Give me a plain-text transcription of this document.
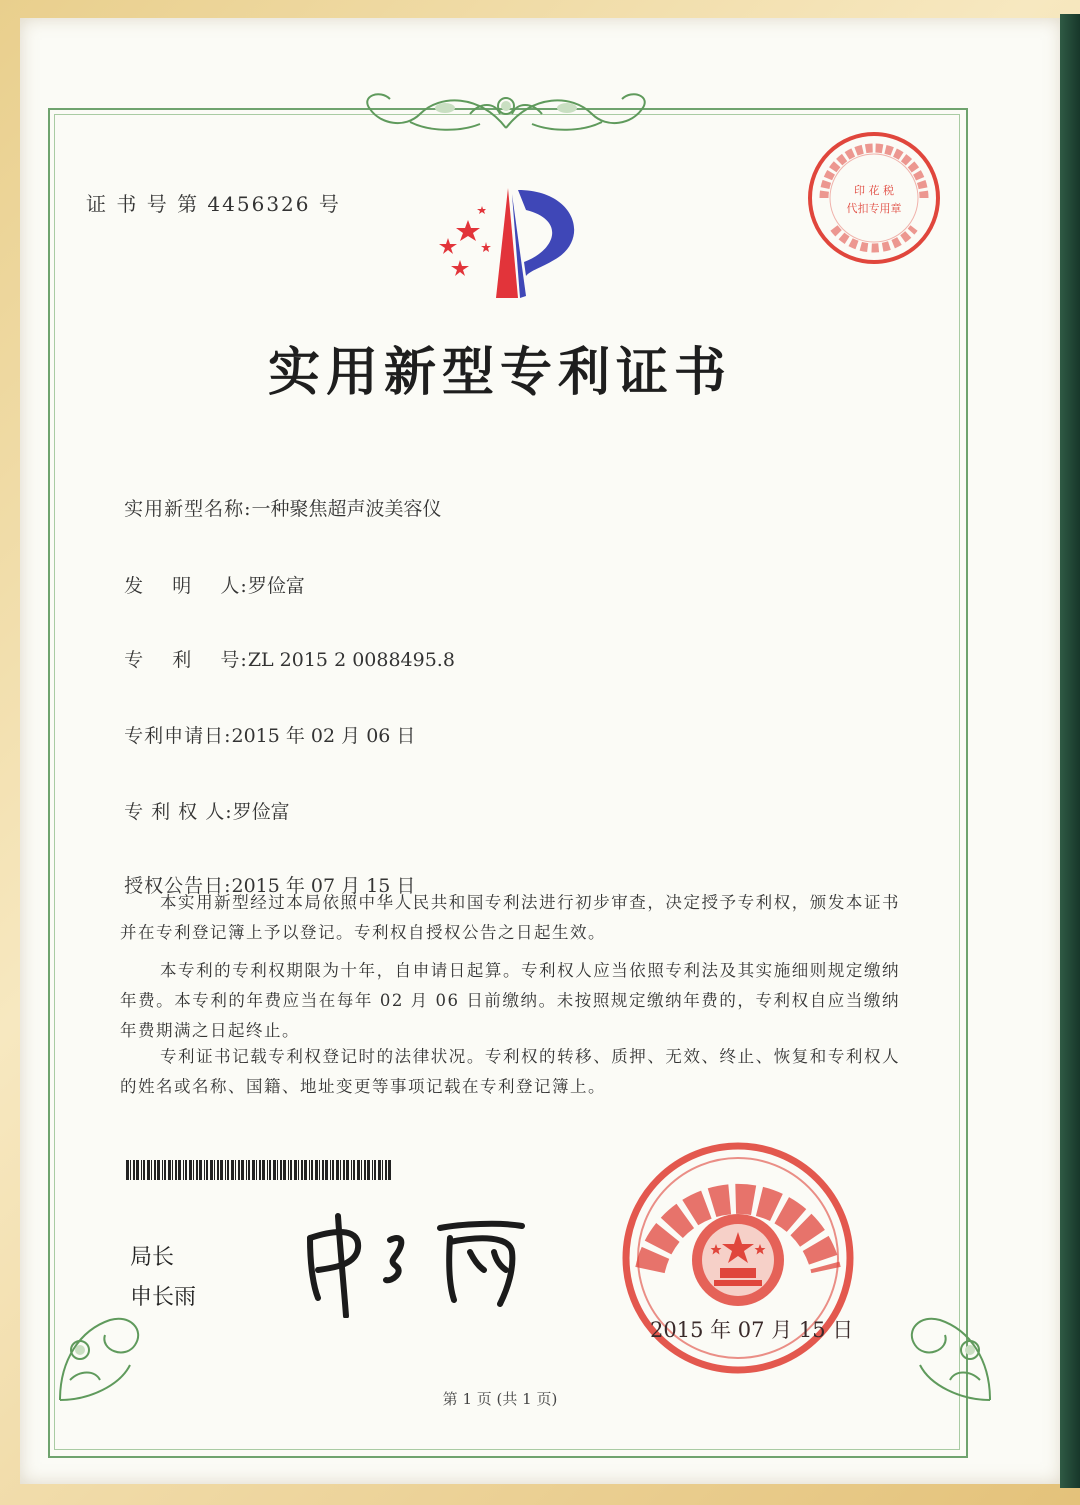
证 书 号 第 4456326 号
印 花 税
代扣专用章
实用新型专利证书

实用新型名称:一种聚焦超声波美容仪

发    明    人:罗俭富

专    利    号:ZL 2015 2 0088495.8

专利申请日:2015 年 02 月 06 日

专 利 权 人:罗俭富

授权公告日:2015 年 07 月 15 日

本实用新型经过本局依照中华人民共和国专利法进行初步审查，决定授予专利权，颁发本证书并在专利登记簿上予以登记。专利权自授权公告之日起生效。
本专利的专利权期限为十年，自申请日起算。专利权人应当依照专利法及其实施细则规定缴纳年费。本专利的年费应当在每年 02 月 06 日前缴纳。未按照规定缴纳年费的，专利权自应当缴纳年费期满之日起终止。
专利证书记载专利权登记时的法律状况。专利权的转移、质押、无效、终止、恢复和专利权人的姓名或名称、国籍、地址变更等事项记载在专利登记簿上。
局长
申长雨
2015 年 07 月 15 日
第 1 页 (共 1 页)
